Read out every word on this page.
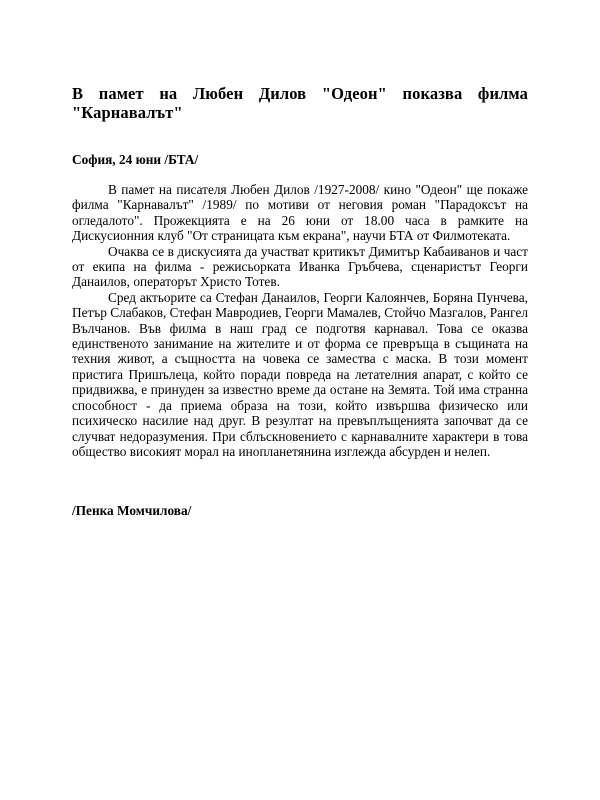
В памет на Любен Дилов "Одеон" показва филма "Карнавалът"

София, 24 юни /БТА/

В памет на писателя Любен Дилов /1927-2008/ кино "Одеон" ще покаже филма "Карнавалът" /1989/ по мотиви от неговия роман "Парадоксът на огледалото". Прожекцията е на 26 юни от 18.00 часа в рамките на Дискусионния клуб "От страницата към екрана", научи БТА от Филмотеката.

Очаква се в дискусията да участват критикът Димитър Кабаиванов и част от екипа на филма - режисьорката Иванка Гръбчева, сценаристът Георги Данаилов, операторът Христо Тотев.

Сред актьорите са Стефан Данаилов, Георги Калоянчев, Боряна Пунчева, Петър Слабаков, Стефан Мавродиев, Георги Мамалев, Стойчо Мазгалов, Рангел Вълчанов. Във филма в наш град се подготвя карнавал. Това се оказва единственото занимание на жителите и от форма се превръща в същината на техния живот, а същността на човека се замества с маска. В този момент пристига Пришълеца, който поради повреда на летателния апарат, с който се придвижва, е принуден за известно време да остане на Земята. Той има странна способност - да приема образа на този, който извършва физическо или психическо насилие над друг. В резултат на превъплъщенията започват да се случват недоразумения. При сблъскновението с карнавалните характери в това общество високият морал на инопланетянина изглежда абсурден и нелеп.

/Пенка Момчилова/
